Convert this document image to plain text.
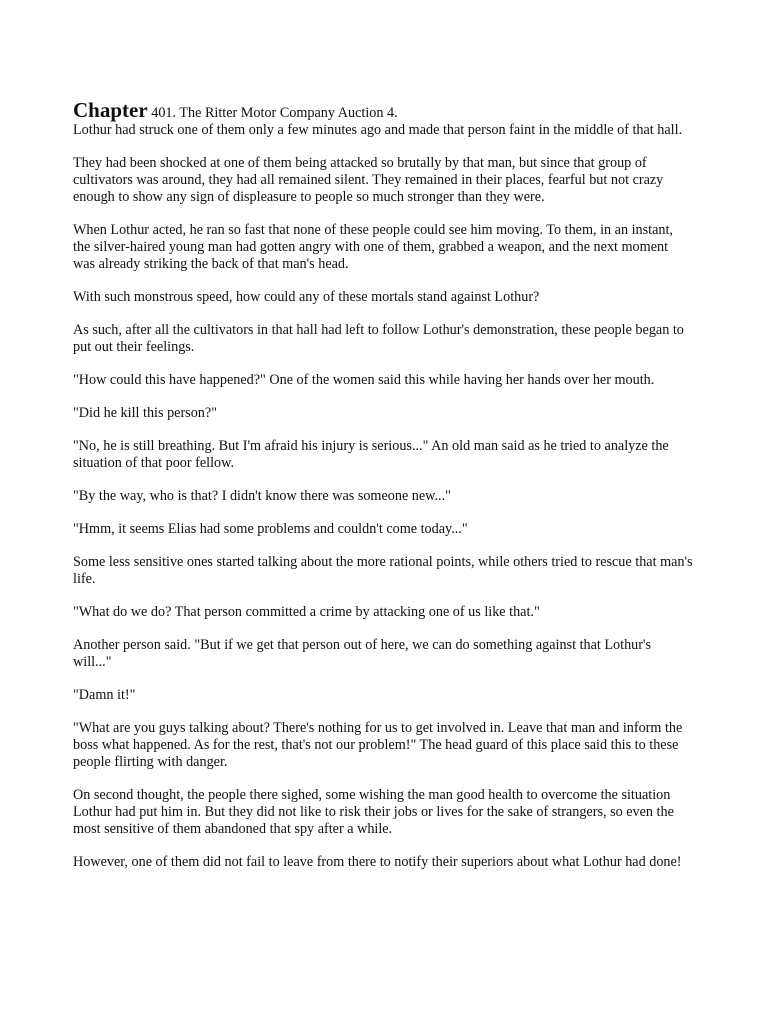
Chapter 401. The Ritter Motor Company Auction 4.

Lothur had struck one of them only a few minutes ago and made that person faint in the middle of that hall.

They had been shocked at one of them being attacked so brutally by that man, but since that group of cultivators was around, they had all remained silent. They remained in their places, fearful but not crazy enough to show any sign of displeasure to people so much stronger than they were.

When Lothur acted, he ran so fast that none of these people could see him moving. To them, in an instant, the silver-haired young man had gotten angry with one of them, grabbed a weapon, and the next moment was already striking the back of that man's head.

With such monstrous speed, how could any of these mortals stand against Lothur?

As such, after all the cultivators in that hall had left to follow Lothur's demonstration, these people began to put out their feelings.

"How could this have happened?" One of the women said this while having her hands over her mouth.

"Did he kill this person?"

"No, he is still breathing. But I'm afraid his injury is serious..." An old man said as he tried to analyze the situation of that poor fellow.

"By the way, who is that? I didn't know there was someone new..."

"Hmm, it seems Elias had some problems and couldn't come today..."

Some less sensitive ones started talking about the more rational points, while others tried to rescue that man's life.

"What do we do? That person committed a crime by attacking one of us like that."

Another person said. "But if we get that person out of here, we can do something against that Lothur's will..."

"Damn it!"

"What are you guys talking about? There's nothing for us to get involved in. Leave that man and inform the boss what happened. As for the rest, that's not our problem!" The head guard of this place said this to these people flirting with danger.

On second thought, the people there sighed, some wishing the man good health to overcome the situation Lothur had put him in. But they did not like to risk their jobs or lives for the sake of strangers, so even the most sensitive of them abandoned that spy after a while.

However, one of them did not fail to leave from there to notify their superiors about what Lothur had done!
